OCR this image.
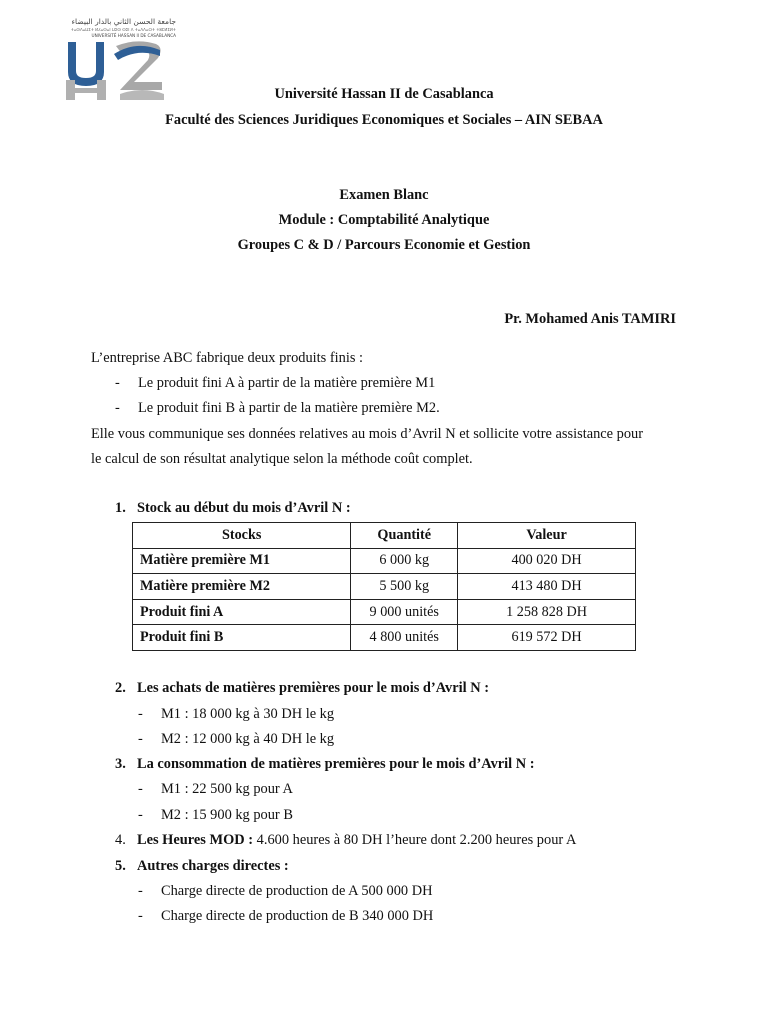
جامعة الحسن الثاني بالدار البيضاء
ⵜⴰⵙⴷⴰⵡⵉⵜ ⵍⵃⴰⵙⴰⵏ ⵡⵉⵙ ⵙⵉⵏ ⴷ ⵜⴰⴷⴷⴰⵔⵜ ⵜⵓⵎⵍⵉⵍⵜ
UNIVERSITÉ HASSAN II DE CASABLANCA
Université Hassan II de Casablanca
Faculté des Sciences Juridiques Economiques et Sociales – AIN SEBAA
Examen Blanc
Module : Comptabilité Analytique
Groupes C & D / Parcours Economie et Gestion
Pr. Mohamed Anis TAMIRI
L’entreprise ABC fabrique deux produits finis :
- Le produit fini A à partir de la matière première M1
- Le produit fini B à partir de la matière première M2.
Elle vous communique ses données relatives au mois d’Avril N et sollicite votre assistance pour
le calcul de son résultat analytique selon la méthode coût complet.
1. Stock au début du mois d’Avril N :
Stocks	Quantité	Valeur
Matière première M1	6 000 kg	400 020 DH
Matière première M2	5 500 kg	413 480 DH
Produit fini A	9 000 unités	1 258 828 DH
Produit fini B	4 800 unités	619 572 DH
2. Les achats de matières premières pour le mois d’Avril N :
- M1 : 18 000 kg à 30 DH le kg
- M2 : 12 000 kg à 40 DH le kg
3. La consommation de matières premières pour le mois d’Avril N :
- M1 : 22 500 kg pour A
- M2 : 15 900 kg pour B
4. Les Heures MOD : 4.600 heures à 80 DH l’heure dont 2.200 heures pour A
5. Autres charges directes :
- Charge directe de production de A 500 000 DH
- Charge directe de production de B 340 000 DH
